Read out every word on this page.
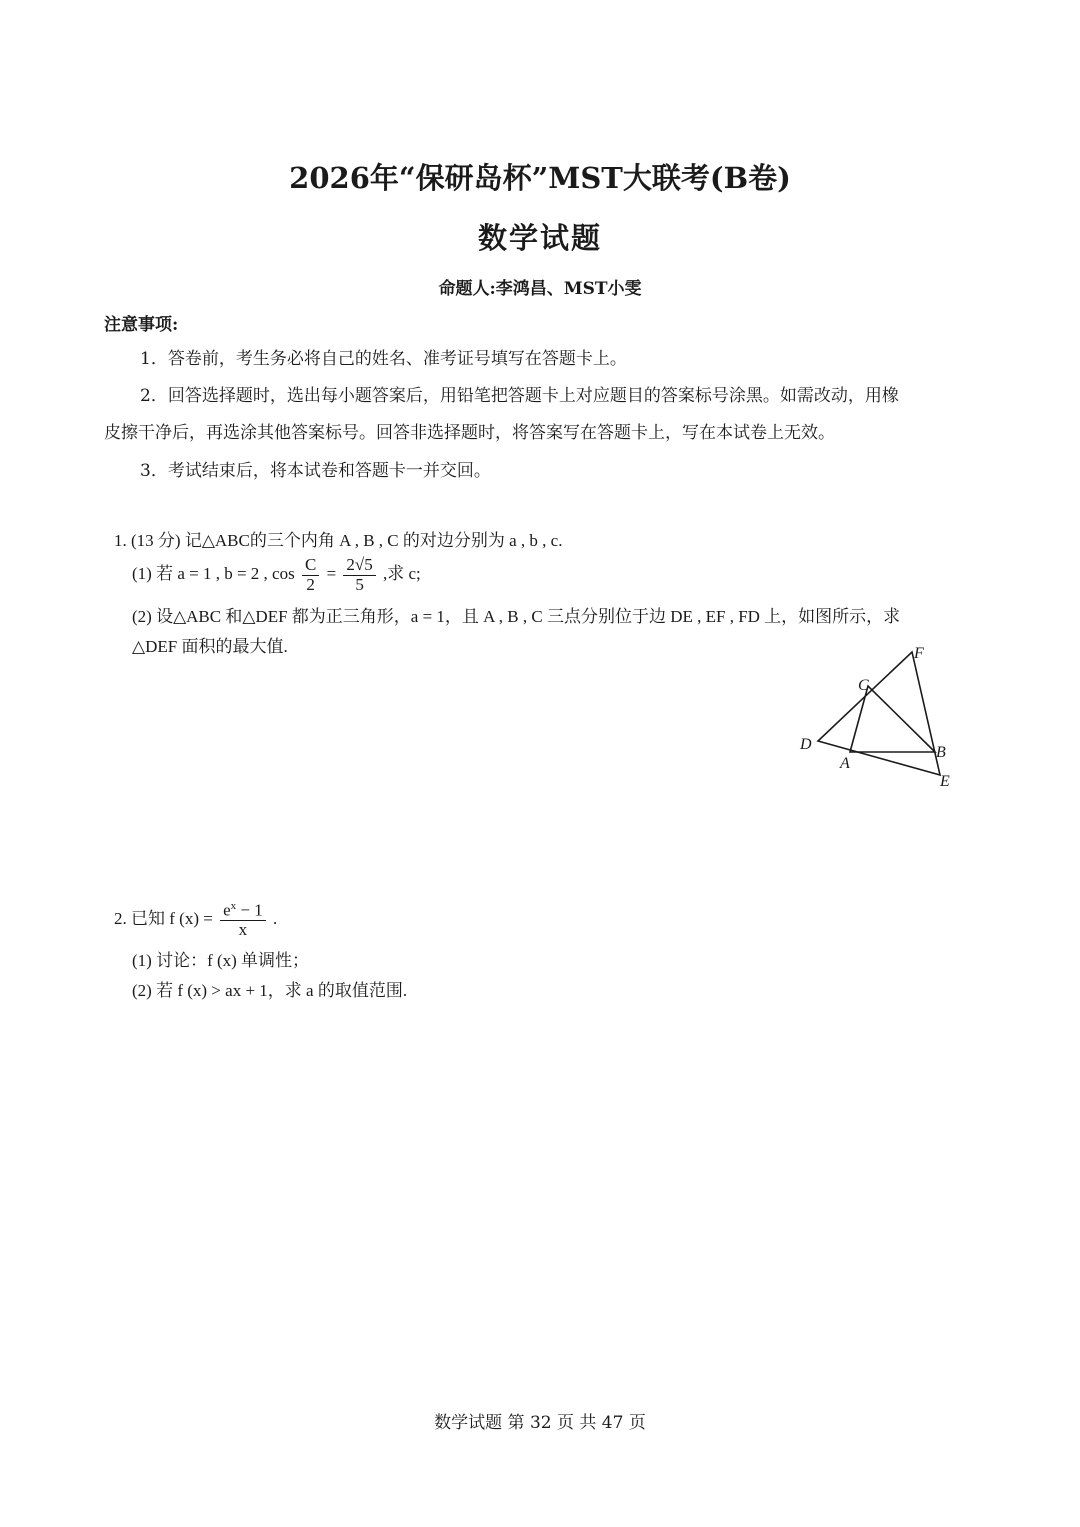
2026年“保研岛杯”MST大联考(B卷)
数学试题
命题人:李鸿昌、MST小雯
注意事项:
1．答卷前，考生务必将自己的姓名、准考证号填写在答题卡上。
2．回答选择题时，选出每小题答案后，用铅笔把答题卡上对应题目的答案标号涂黑。如需改动，用橡
皮擦干净后，再选涂其他答案标号。回答非选择题时，将答案写在答题卡上，写在本试卷上无效。
3．考试结束后，将本试卷和答题卡一并交回。
1. (13 分) 记△ABC的三个内角 A , B , C 的对边分别为 a , b , c.
(1) 若 a = 1 , b = 2 , $\cos \frac{C}{2} = \frac{2√5}{5}$ ,求 c;
(2) 设△ABC 和△DEF 都为正三角形，a = 1，且 A , B , C 三点分别位于边 DE , EF , FD 上，如图所示，求
△DEF 面积的最大值.
D
E
F
A
B
C
2. 已知 f $(x) = \frac{e^x - 1}{x}$ .
(1) 讨论：f (x) 单调性；
(2) 若 f (x) > ax + 1，求 a 的取值范围.
数学试题 第 32 页 共 47 页
